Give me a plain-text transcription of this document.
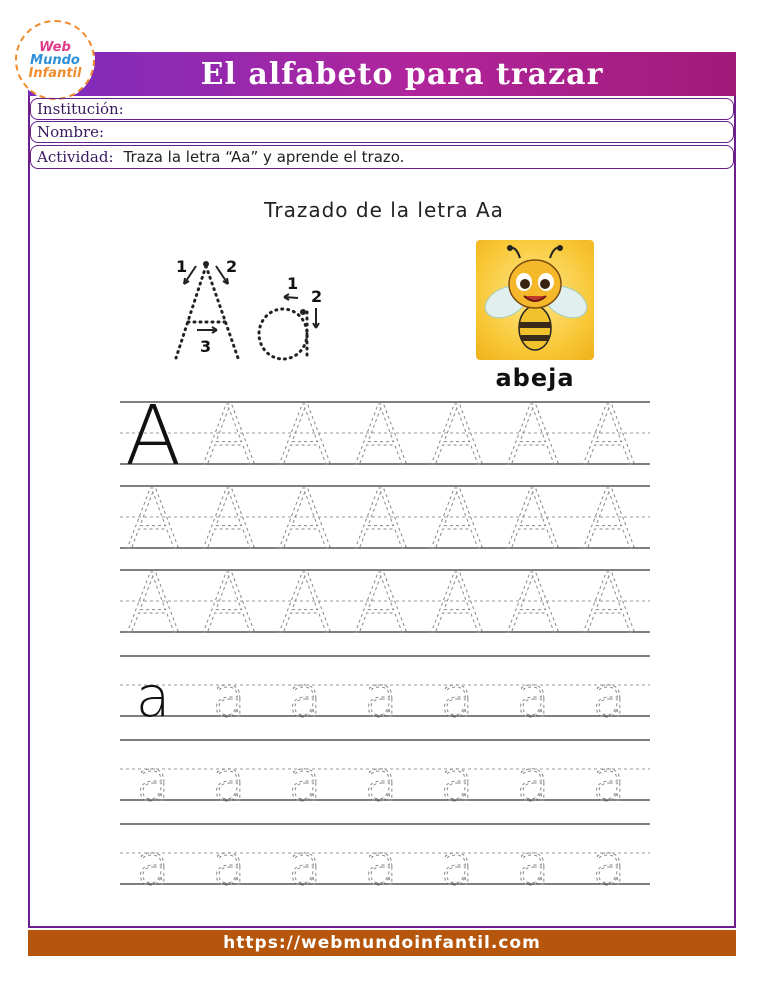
El alfabeto para trazar
Web
Mundo
Infantil
Institución:
Nombre:
Actividad: Traza la letra “Aa” y aprende el trazo.
Trazado de la letra Aa
1 2
3
1
2
abeja
A A A A A A A
A A A A A A A
A A A A A A A
a a a a a a a
a a a a a a a
a a a a a a a
https://webmundoinfantil.com
